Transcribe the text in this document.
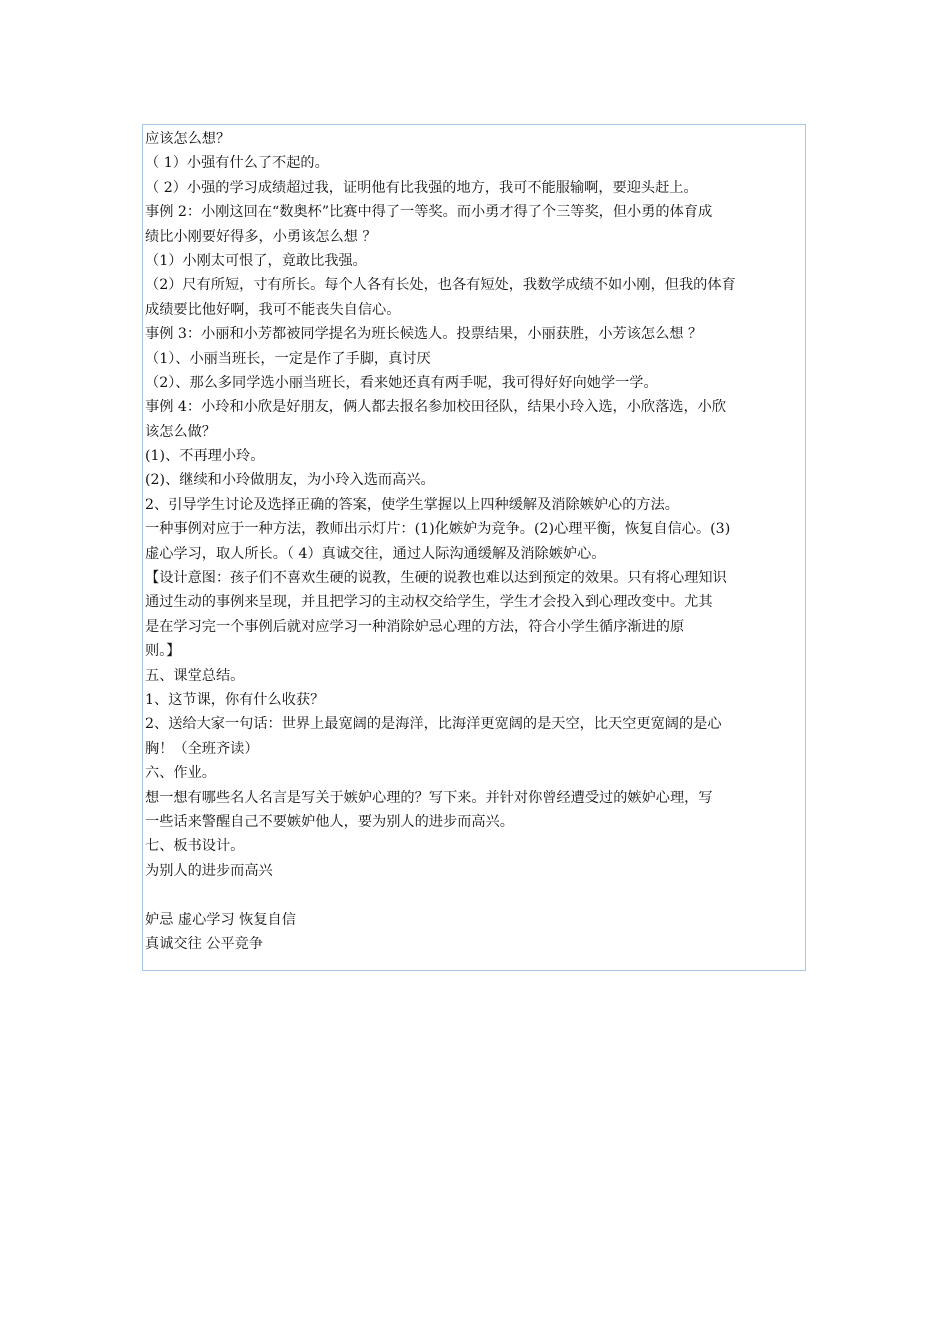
应该怎么想？
（ 1）小强有什么了不起的。
（ 2）小强的学习成绩超过我，证明他有比我强的地方，我可不能服输啊，要迎头赶上。
事例 2：小刚这回在“数奥杯”比赛中得了一等奖。而小勇才得了个三等奖，但小勇的体育成
绩比小刚要好得多，小勇该怎么想 ？
（1）小刚太可恨了，竟敢比我强。
（2）尺有所短，寸有所长。每个人各有长处，也各有短处，我数学成绩不如小刚，但我的体育
成绩要比他好啊，我可不能丧失自信心。
事例 3：小丽和小芳都被同学提名为班长候选人。投票结果，小丽获胜，小芳该怎么想 ？
（1）、小丽当班长，一定是作了手脚，真讨厌
（2）、那么多同学选小丽当班长，看来她还真有两手呢，我可得好好向她学一学。
事例 4：小玲和小欣是好朋友，俩人都去报名参加校田径队，结果小玲入选，小欣落选，小欣
该怎么做？
(1)、不再理小玲。
(2)、继续和小玲做朋友，为小玲入选而高兴。
2、引导学生讨论及选择正确的答案，使学生掌握以上四种缓解及消除嫉妒心的方法。
一种事例对应于一种方法，教师出示灯片：(1)化嫉妒为竞争。(2)心理平衡，恢复自信心。(3)
虚心学习，取人所长。（ 4）真诚交往，通过人际沟通缓解及消除嫉妒心。
【设计意图：孩子们不喜欢生硬的说教，生硬的说教也难以达到预定的效果。只有将心理知识
通过生动的事例来呈现，并且把学习的主动权交给学生，学生才会投入到心理改变中。尤其
是在学习完一个事例后就对应学习一种消除妒忌心理的方法，符合小学生循序渐进的原
则。】
五、课堂总结。
1、这节课，你有什么收获？
2、送给大家一句话：世界上最宽阔的是海洋，比海洋更宽阔的是天空，比天空更宽阔的是心
胸！（全班齐读）
六、作业。
想一想有哪些名人名言是写关于嫉妒心理的？写下来。并针对你曾经遭受过的嫉妒心理，写
一些话来警醒自己不要嫉妒他人，要为别人的进步而高兴。
七、板书设计。
为别人的进步而高兴
妒忌 虚心学习 恢复自信
真诚交往 公平竞争
